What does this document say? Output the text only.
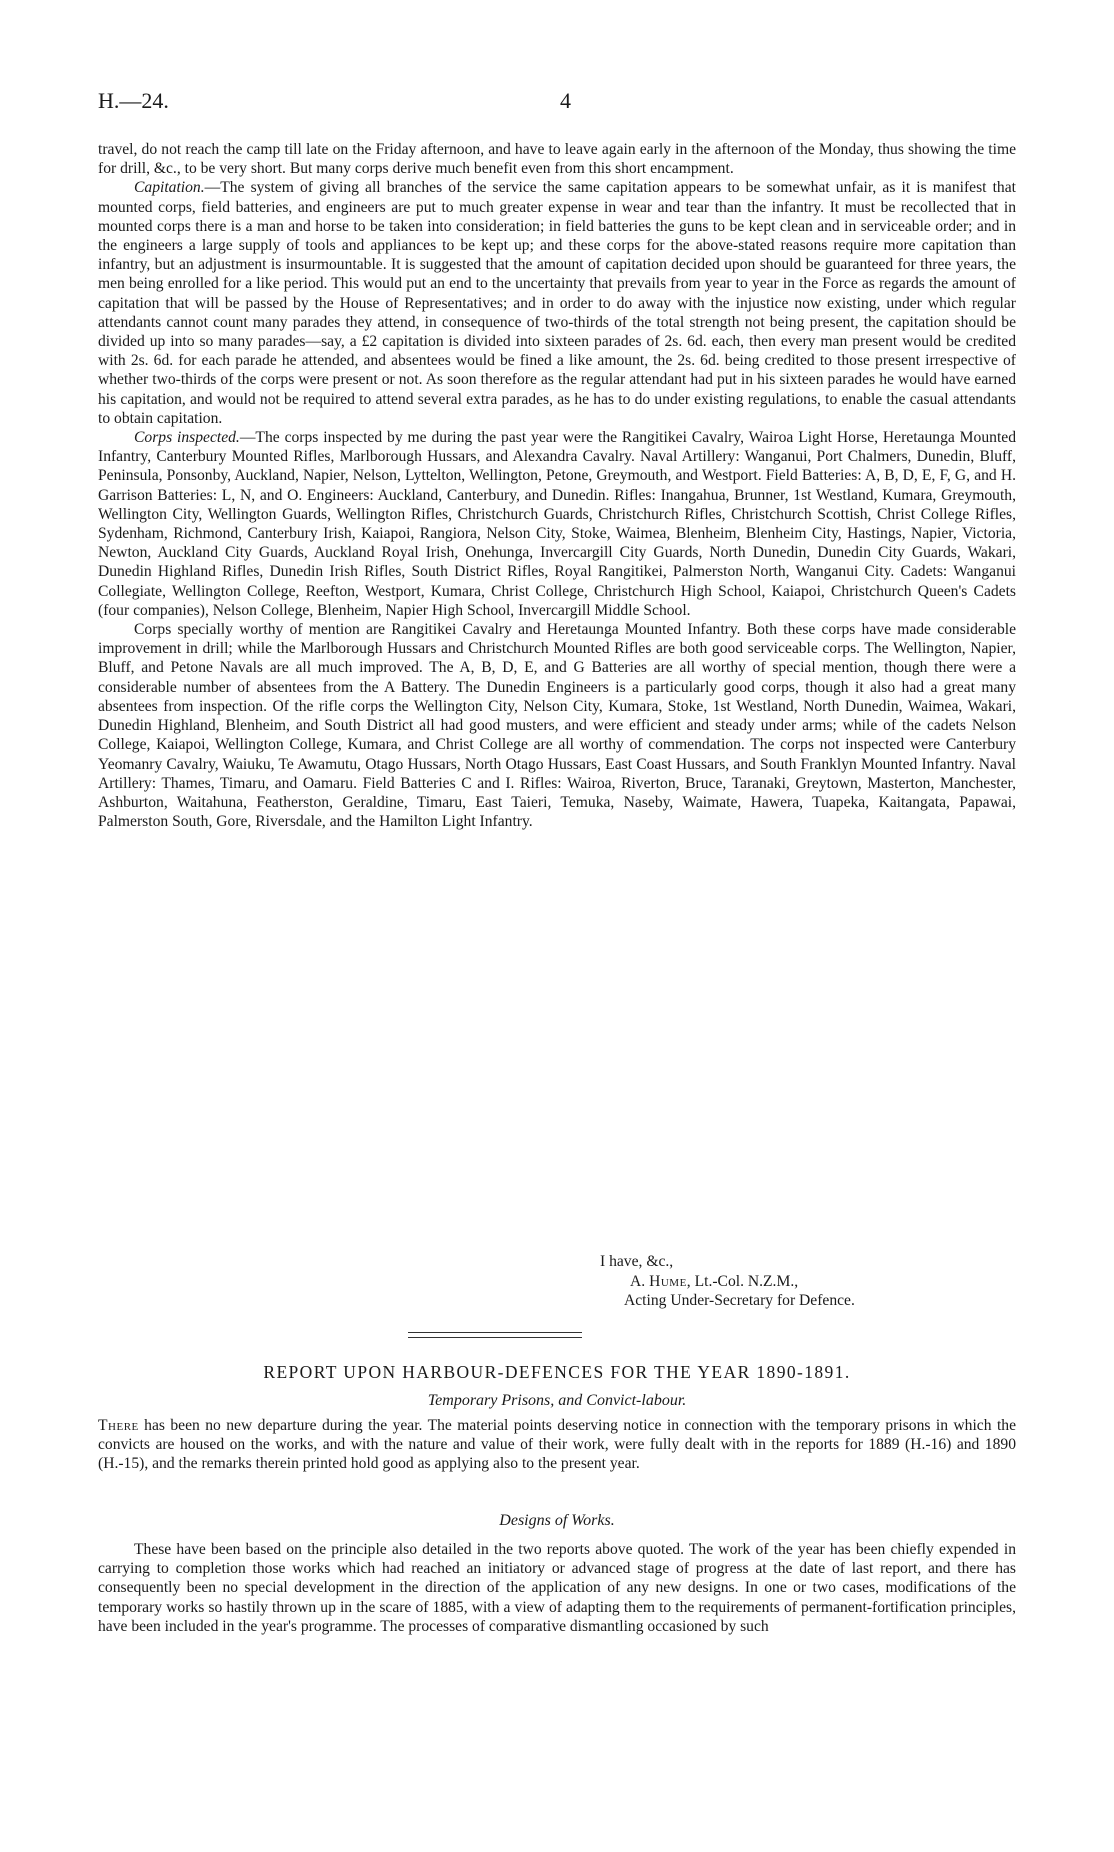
H.—24.	4

travel, do not reach the camp till late on the Friday afternoon, and have to leave again early in the afternoon of the Monday, thus showing the time for drill, &c., to be very short. But many corps derive much benefit even from this short encampment.

Capitation.—The system of giving all branches of the service the same capitation appears to be somewhat unfair, as it is manifest that mounted corps, field batteries, and engineers are put to much greater expense in wear and tear than the infantry. It must be recollected that in mounted corps there is a man and horse to be taken into consideration; in field batteries the guns to be kept clean and in serviceable order; and in the engineers a large supply of tools and appliances to be kept up; and these corps for the above-stated reasons require more capitation than infantry, but an adjustment is insurmountable. It is suggested that the amount of capitation decided upon should be guaranteed for three years, the men being enrolled for a like period. This would put an end to the uncertainty that prevails from year to year in the Force as regards the amount of capitation that will be passed by the House of Representatives; and in order to do away with the injustice now existing, under which regular attendants cannot count many parades they attend, in consequence of two-thirds of the total strength not being present, the capitation should be divided up into so many parades—say, a £2 capitation is divided into sixteen parades of 2s. 6d. each, then every man present would be credited with 2s. 6d. for each parade he attended, and absentees would be fined a like amount, the 2s. 6d. being credited to those present irrespective of whether two-thirds of the corps were present or not. As soon therefore as the regular attendant had put in his sixteen parades he would have earned his capitation, and would not be required to attend several extra parades, as he has to do under existing regulations, to enable the casual attendants to obtain capitation.

Corps inspected.—The corps inspected by me during the past year were the Rangitikei Cavalry, Wairoa Light Horse, Heretaunga Mounted Infantry, Canterbury Mounted Rifles, Marlborough Hussars, and Alexandra Cavalry. Naval Artillery: Wanganui, Port Chalmers, Dunedin, Bluff, Peninsula, Ponsonby, Auckland, Napier, Nelson, Lyttelton, Wellington, Petone, Greymouth, and Westport. Field Batteries: A, B, D, E, F, G, and H. Garrison Batteries: L, N, and O. Engineers: Auckland, Canterbury, and Dunedin. Rifles: Inangahua, Brunner, 1st Westland, Kumara, Greymouth, Wellington City, Wellington Guards, Wellington Rifles, Christchurch Guards, Christchurch Rifles, Christchurch Scottish, Christ College Rifles, Sydenham, Richmond, Canterbury Irish, Kaiapoi, Rangiora, Nelson City, Stoke, Waimea, Blenheim, Blenheim City, Hastings, Napier, Victoria, Newton, Auckland City Guards, Auckland Royal Irish, Onehunga, Invercargill City Guards, North Dunedin, Dunedin City Guards, Wakari, Dunedin Highland Rifles, Dunedin Irish Rifles, South District Rifles, Royal Rangitikei, Palmerston North, Wanganui City. Cadets: Wanganui Collegiate, Wellington College, Reefton, Westport, Kumara, Christ College, Christchurch High School, Kaiapoi, Christchurch Queen's Cadets (four companies), Nelson College, Blenheim, Napier High School, Invercargill Middle School.

Corps specially worthy of mention are Rangitikei Cavalry and Heretaunga Mounted Infantry. Both these corps have made considerable improvement in drill; while the Marlborough Hussars and Christchurch Mounted Rifles are both good serviceable corps. The Wellington, Napier, Bluff, and Petone Navals are all much improved. The A, B, D, E, and G Batteries are all worthy of special mention, though there were a considerable number of absentees from the A Battery. The Dunedin Engineers is a particularly good corps, though it also had a great many absentees from inspection. Of the rifle corps the Wellington City, Nelson City, Kumara, Stoke, 1st Westland, North Dunedin, Waimea, Wakari, Dunedin Highland, Blenheim, and South District all had good musters, and were efficient and steady under arms; while of the cadets Nelson College, Kaiapoi, Wellington College, Kumara, and Christ College are all worthy of commendation. The corps not inspected were Canterbury Yeomanry Cavalry, Waiuku, Te Awamutu, Otago Hussars, North Otago Hussars, East Coast Hussars, and South Franklyn Mounted Infantry. Naval Artillery: Thames, Timaru, and Oamaru. Field Batteries C and I. Rifles: Wairoa, Riverton, Bruce, Taranaki, Greytown, Masterton, Manchester, Ashburton, Waitahuna, Featherston, Geraldine, Timaru, East Taieri, Temuka, Naseby, Waimate, Hawera, Tuapeka, Kaitangata, Papawai, Palmerston South, Gore, Riversdale, and the Hamilton Light Infantry.

I have, &c.,
A. Hume, Lt.-Col. N.Z.M.,
Acting Under-Secretary for Defence.
REPORT UPON HARBOUR-DEFENCES FOR THE YEAR 1890-1891.
Temporary Prisons, and Convict-labour.

There has been no new departure during the year. The material points deserving notice in connection with the temporary prisons in which the convicts are housed on the works, and with the nature and value of their work, were fully dealt with in the reports for 1889 (H.-16) and 1890 (H.-15), and the remarks therein printed hold good as applying also to the present year.

Designs of Works.

These have been based on the principle also detailed in the two reports above quoted. The work of the year has been chiefly expended in carrying to completion those works which had reached an initiatory or advanced stage of progress at the date of last report, and there has consequently been no special development in the direction of the application of any new designs. In one or two cases, modifications of the temporary works so hastily thrown up in the scare of 1885, with a view of adapting them to the requirements of permanent-fortification principles, have been included in the year's programme. The processes of comparative dismantling occasioned by such
